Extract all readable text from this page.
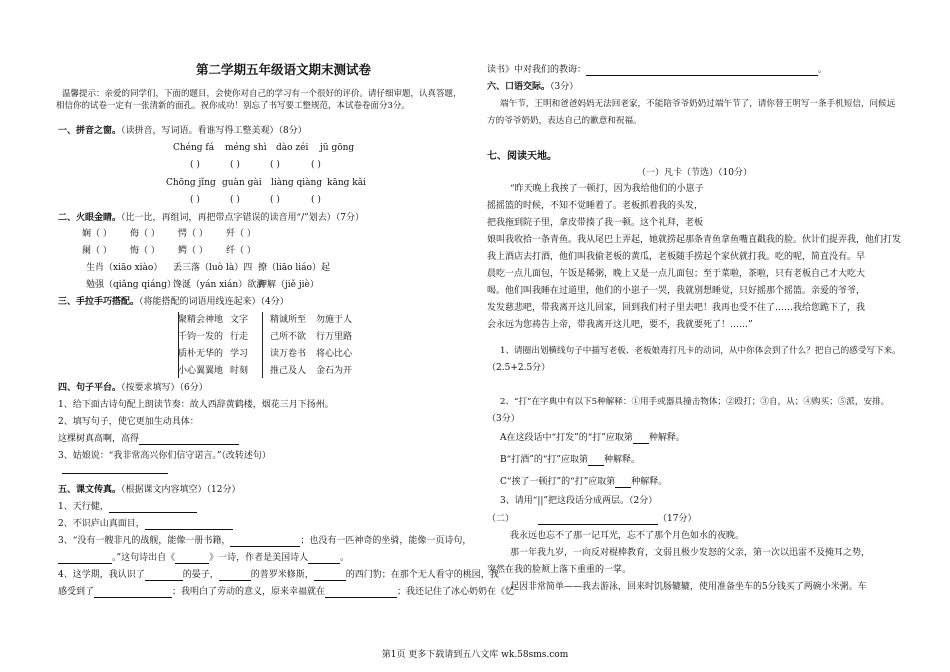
第二学期五年级语文期末测试卷
温馨提示：亲爱的同学们，下面的题目，会使你对自己的学习有一个很好的评价。请仔细审题，认真答题，
相信你的试卷一定有一张清新的面孔。祝你成功！别忘了书写要工整规范，本试卷卷面分3分。
一、拼音之窗。（读拼音，写词语。看谁写得工整美观）（8分）
Chéng fá méng shì dào zéi jū gōng
( )	( )	( )	( )
Chōng jǐng guàn gài liàng qiàng kāng kǎi
( )	( )	( )	( )
二、火眼金睛。（比一比，再组词，再把带点字错误的读音用“/”划去）（7分）
娴（ ） 侮（ ） 愕（ ） 歼（ ）
阑（ ） 悔（ ） 鳄（ ） 纤（ ）
生肖（xiāo xiào） 丢三落（luò là）四 撩（liāo liáo）起
勉强（qiǎng qiáng）
馋涎（yán xián）欲滴
押解（jiě jiè）
三、手拉手巧搭配。（将能搭配的词语用线连起来）（4分）
聚精会神地 文字 精诚所至 勿施于人
千钧一发的 行走 己所不欲 行万里路
质朴无华的 学习 读万卷书 将心比心
小心翼翼地 时刻 推己及人 金石为开
四、句子平台。（按要求填写）（6分）
1、给下面古诗句配上朗读节奏：故人西辞黄鹤楼，烟花三月下扬州。
2、填写句子，使它更加生动具体：
这棵树真高啊，高得
3、姑娘说：“我非常高兴你们信守诺言。”（改转述句）
五、课文传真。（根据课文内容填空）（12分）
1、天行健，
2、不识庐山真面目，
3、“没有一艘非凡的战舰，能像一册书籍，	；也没有一匹神奇的坐骑，能像一页诗句，
。”这句诗出自《	》一诗，作者是美国诗人	。
4、这学期，我认识了	的晏子，	的普罗米修斯，	的西门豹；在那个无人看守的桃园，我
感受到了	；我明白了劳动的意义，原来幸福就在	；我还记住了冰心奶奶在《忆
读书》中对我们的教诲：	。
六、口语交际。（3分）
端午节，王明和爸爸妈妈无法回老家，不能陪爷爷奶奶过端午节了，请你替王明写一条手机短信，问候远
方的爷爷奶奶，表达自己的歉意和祝福。
七、阅读天地。
（一）凡卡（节选）（10分）
“昨天晚上我挨了一顿打，因为我给他们的小崽子
摇摇篮的时候，不知不觉睡着了。老板抓着我的头发，
把我拖到院子里，拿皮带揍了我一顿。这个礼拜，老板
娘叫我收拾一条青鱼。我从尾巴上弄起，她就捞起那条青鱼拿鱼嘴直戳我的脸。伙计们捉弄我，他们打发
我上酒店去打酒，他们叫我偷老板的黄瓜，老板随手捞起个家伙就打我。吃的呢，简直没有。早
晨吃一点儿面包，午饭是稀粥，晚上又是一点儿面包；至于菜啦，茶啦，只有老板自己才大吃大
喝。他们叫我睡在过道里，他们的小崽子一哭，我就别想睡觉，只好摇那个摇篮。亲爱的爷爷，
发发慈悲吧，带我离开这儿回家，回到我们村子里去吧！我再也受不住了……我给您跪下了，我
会永远为您祷告上帝，带我离开这儿吧，要不，我就要死了！……”
1、请圈出划横线句子中描写老板、老板娘毒打凡卡的动词，从中你体会到了什么？把自己的感受写下来。
（2.5+2.5分）
2、“打”在字典中有以下5种解释：①用手或器具撞击物体；②殴打；③自，从；④购买；⑤派，安排。
（3分）
A在这段话中“打发”的“打”应取第 种解释。
B“打酒”的“打”应取第 种解释。
C“挨了一顿打”的“打”应取第 种解释。
3、请用“||”把这段话分成两层。（2分）
（二）	（17分）
我永远也忘不了那一记耳光，忘不了那个月色如水的夜晚。
那一年我九岁，一向反对棍棒教育，文弱且极少发怒的父亲，第一次以迅雷不及掩耳之势，
突然在我的脸颊上落下重重的一掌。
起因非常简单——我去游泳，回来时饥肠辘辘，使用准备坐车的5分钱买了两碗小米粥。车
第1页 更多下载请到五八文库 wk.58sms.com
